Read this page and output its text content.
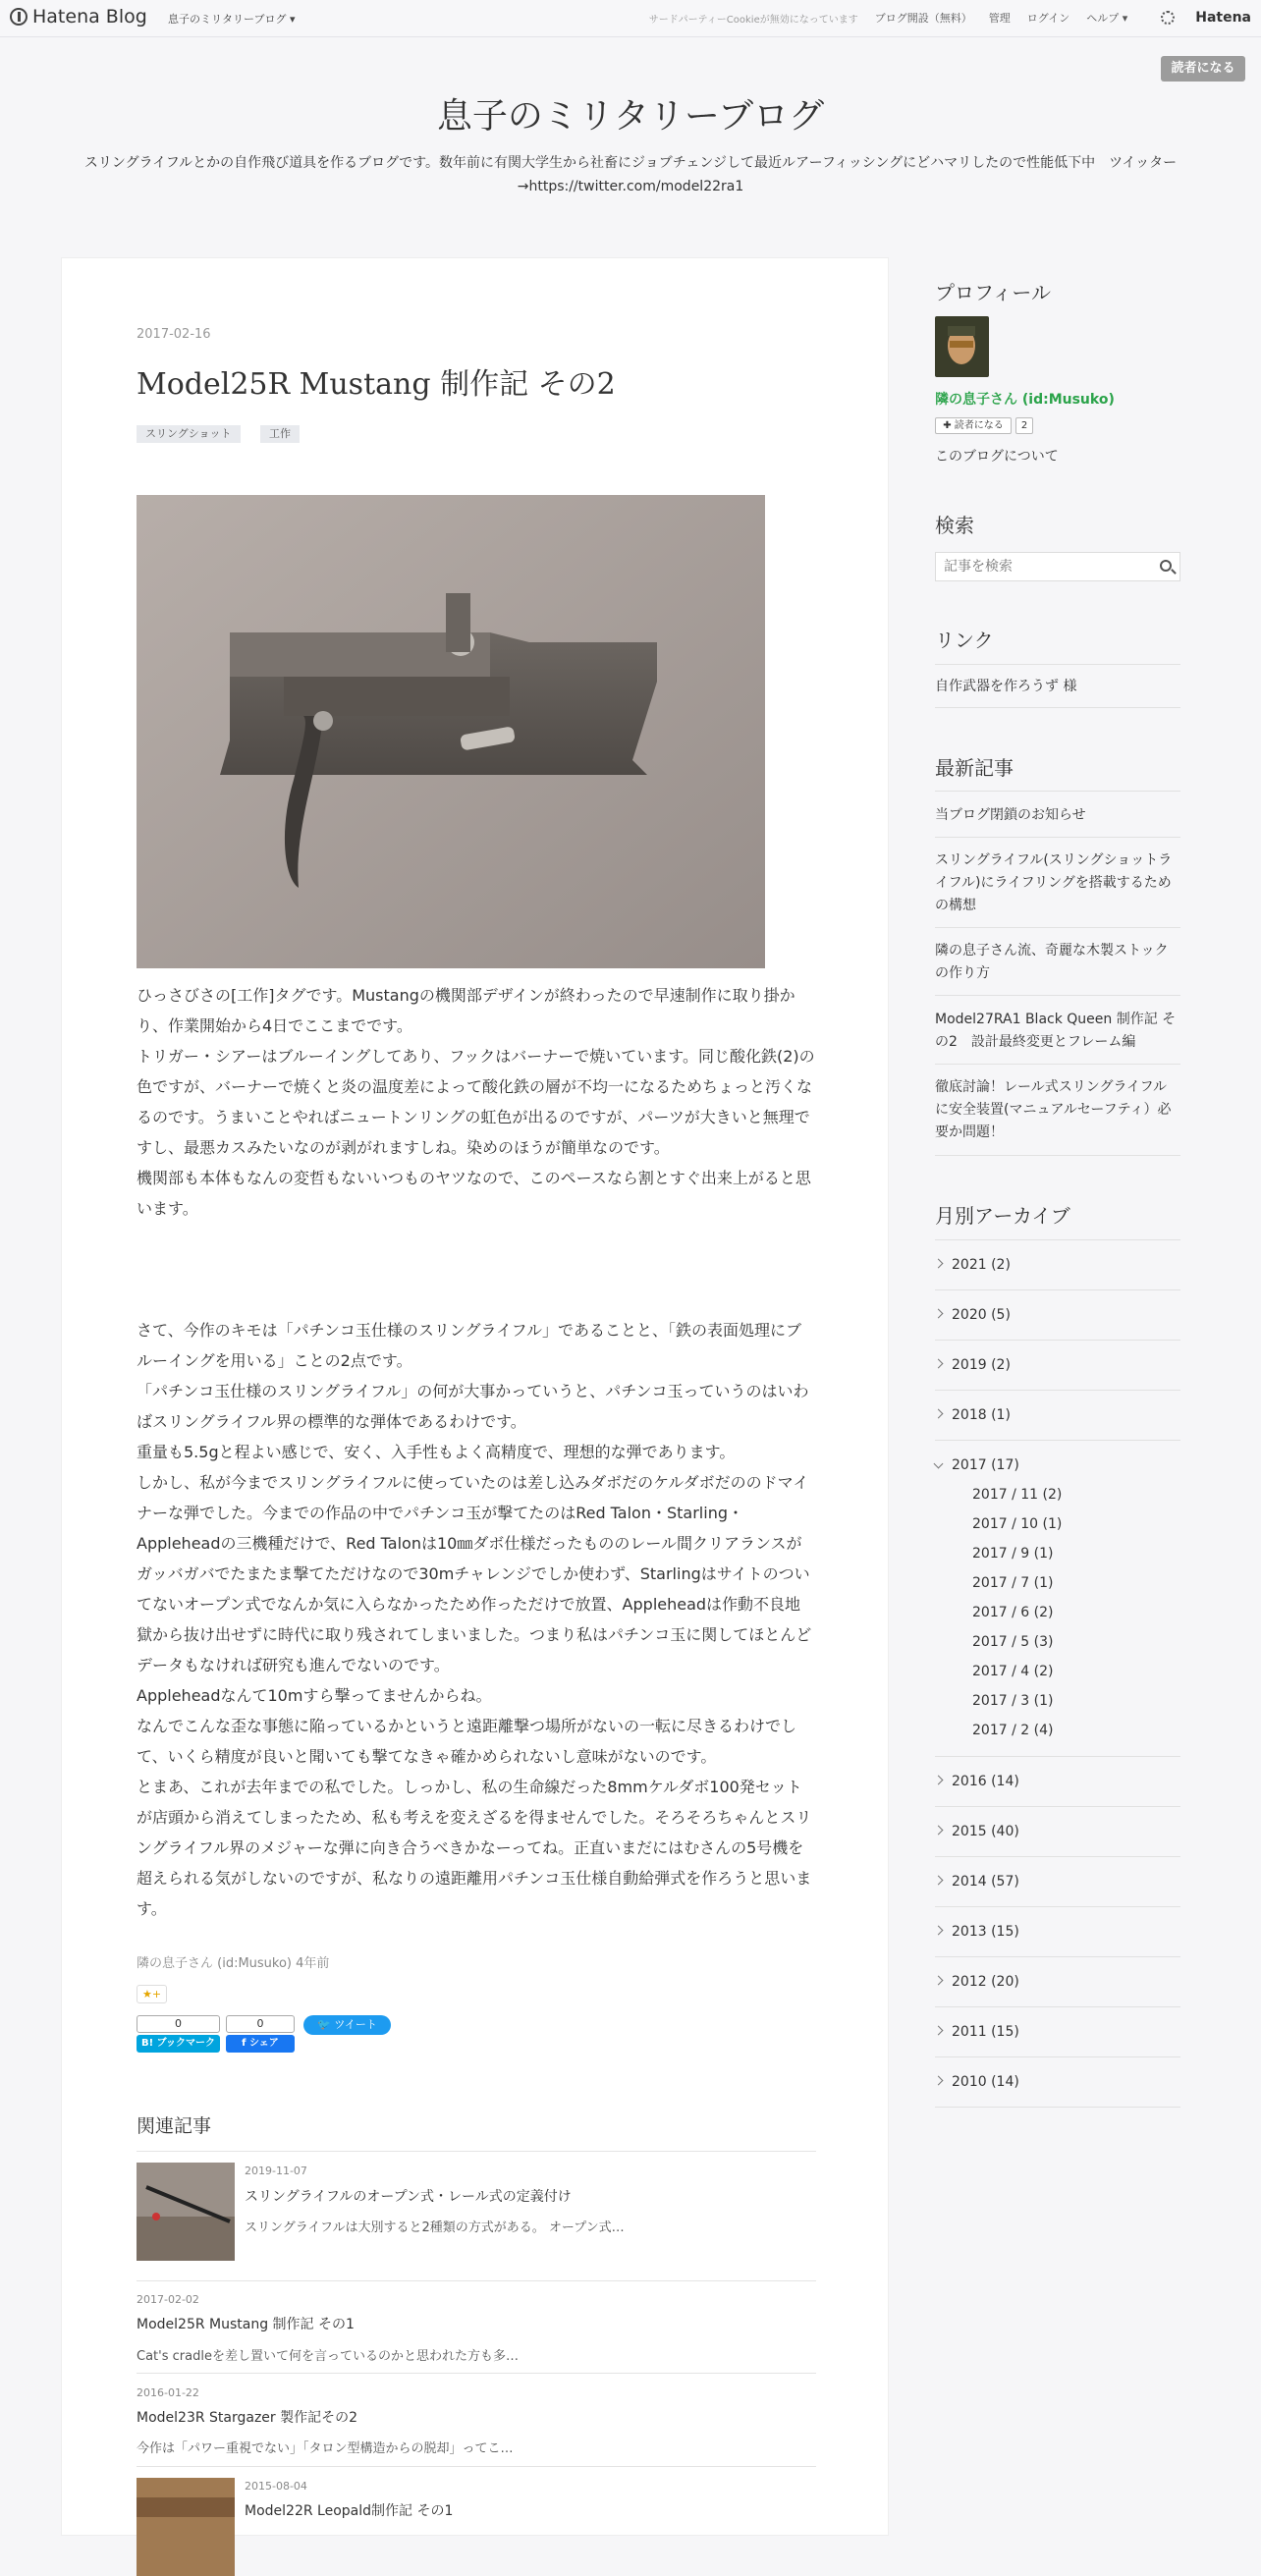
Hatena Blog 息子のミリタリーブログ ▾	サードパーティーCookieが無効になっています ブログ開設（無料） 管理 ログイン ヘルプ ▾	Hatena
読者になる
息子のミリタリーブログ
スリングライフルとかの自作飛び道具を作るブログです。数年前に有関大学生から社畜にジョブチェンジして最近ルアーフィッシングにどハマリしたので性能低下中　ツイッター→https://twitter.com/model22ra1
2017-02-16
Model25R Mustang 制作記 その2
スリングショット	工作

ひっさびさの[工作]タグです。Mustangの機関部デザインが終わったので早速制作に取り掛かり、作業開始から4日でここまでです。

トリガー・シアーはブルーイングしてあり、フックはバーナーで焼いています。同じ酸化鉄(2)の色ですが、バーナーで焼くと炎の温度差によって酸化鉄の層が不均一になるためちょっと汚くなるのです。うまいことやればニュートンリングの虹色が出るのですが、パーツが大きいと無理ですし、最悪カスみたいなのが剥がれますしね。染めのほうが簡単なのです。

機関部も本体もなんの変哲もないいつものヤツなので、このペースなら割とすぐ出来上がると思います。

さて、今作のキモは「パチンコ玉仕様のスリングライフル」であることと、「鉄の表面処理にブルーイングを用いる」ことの2点です。

「パチンコ玉仕様のスリングライフル」の何が大事かっていうと、パチンコ玉っていうのはいわばスリングライフル界の標準的な弾体であるわけです。

重量も5.5gと程よい感じで、安く、入手性もよく高精度で、理想的な弾であります。

しかし、私が今までスリングライフルに使っていたのは差し込みダボだのケルダボだののドマイナーな弾でした。今までの作品の中でパチンコ玉が撃てたのはRed Talon・Starling・Appleheadの三機種だけで、Red Talonは10㎜ダボ仕様だったもののレール間クリアランスがガッバガバでたまたま撃てただけなので30mチャレンジでしか使わず、Starlingはサイトのついてないオープン式でなんか気に入らなかったため作っただけで放置、Appleheadは作動不良地獄から抜け出せずに時代に取り残されてしまいました。つまり私はパチンコ玉に関してほとんどデータもなければ研究も進んでないのです。

Appleheadなんて10mすら撃ってませんからね。

なんでこんな歪な事態に陥っているかというと遠距離撃つ場所がないの一転に尽きるわけでして、いくら精度が良いと聞いても撃てなきゃ確かめられないし意味がないのです。

とまあ、これが去年までの私でした。しっかし、私の生命線だった8mmケルダボ100発セットが店頭から消えてしまったため、私も考えを変えざるを得ませんでした。そろそろちゃんとスリングライフル界のメジャーな弾に向き合うべきかなーってね。正直いまだにはむさんの5号機を超えられる気がしないのですが、私なりの遠距離用パチンコ玉仕様自動給弾式を作ろうと思います。

隣の息子さん (id:Musuko) 4年前
★+
0
B! ブックマーク
0
f シェア
🐦 ツイート
関連記事
2019-11-07
スリングライフルのオープン式・レール式の定義付け
スリングライフルは大別すると2種類の方式がある。 オープン式…
2017-02-02
Model25R Mustang 制作記 その1
Cat's cradleを差し置いて何を言っているのかと思われた方も多…
2016-01-22
Model23R Stargazer 製作記その2
今作は「パワー重視でない」「タロン型構造からの脱却」ってこ…
2015-08-04
Model22R Leopald制作記 その1
プロフィール
隣の息子さん (id:Musuko)
✚ 読者になる	2
このブログについて
検索
記事を検索
リンク
自作武器を作ろうず 様
最新記事
当ブログ閉鎖のお知らせ
スリングライフル(スリングショットライフル)にライフリングを搭載するための構想
隣の息子さん流、奇麗な木製ストックの作り方
Model27RA1 Black Queen 制作記 その2　設計最終変更とフレーム編
徹底討論！レール式スリングライフルに安全装置(マニュアルセーフティ）必要か問題！
月別アーカイブ
2021 (2)
2020 (5)
2019 (2)
2018 (1)
2017 (17)
2017 / 11 (2)
2017 / 10 (1)
2017 / 9 (1)
2017 / 7 (1)
2017 / 6 (2)
2017 / 5 (3)
2017 / 4 (2)
2017 / 3 (1)
2017 / 2 (4)
2016 (14)
2015 (40)
2014 (57)
2013 (15)
2012 (20)
2011 (15)
2010 (14)
